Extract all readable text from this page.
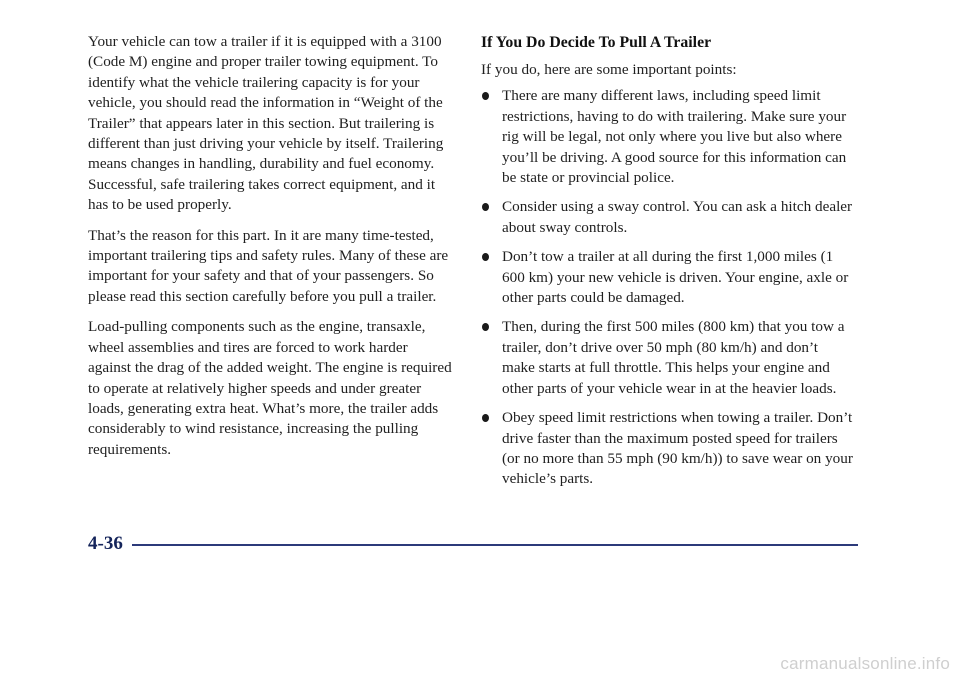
Your vehicle can tow a trailer if it is equipped with a 3100 (Code M) engine and proper trailer towing equipment. To identify what the vehicle trailering capacity is for your vehicle, you should read the information in “Weight of the Trailer” that appears later in this section. But trailering is different than just driving your vehicle by itself. Trailering means changes in handling, durability and fuel economy. Successful, safe trailering takes correct equipment, and it has to be used properly.

That’s the reason for this part. In it are many time-tested, important trailering tips and safety rules. Many of these are important for your safety and that of your passengers. So please read this section carefully before you pull a trailer.

Load-pulling components such as the engine, transaxle, wheel assemblies and tires are forced to work harder against the drag of the added weight. The engine is required to operate at relatively higher speeds and under greater loads, generating extra heat. What’s more, the trailer adds considerably to wind resistance, increasing the pulling requirements.

If You Do Decide To Pull A Trailer

If you do, here are some important points:

There are many different laws, including speed limit restrictions, having to do with trailering. Make sure your rig will be legal, not only where you live but also where you’ll be driving. A good source for this information can be state or provincial police.
Consider using a sway control. You can ask a hitch dealer about sway controls.
Don’t tow a trailer at all during the first 1,000 miles (1 600 km) your new vehicle is driven. Your engine, axle or other parts could be damaged.
Then, during the first 500 miles (800 km) that you tow a trailer, don’t drive over 50 mph (80 km/h) and don’t make starts at full throttle. This helps your engine and other parts of your vehicle wear in at the heavier loads.
Obey speed limit restrictions when towing a trailer. Don’t drive faster than the maximum posted speed for trailers (or no more than 55 mph (90 km/h)) to save wear on your vehicle’s parts.
4-36
carmanualsonline.info
